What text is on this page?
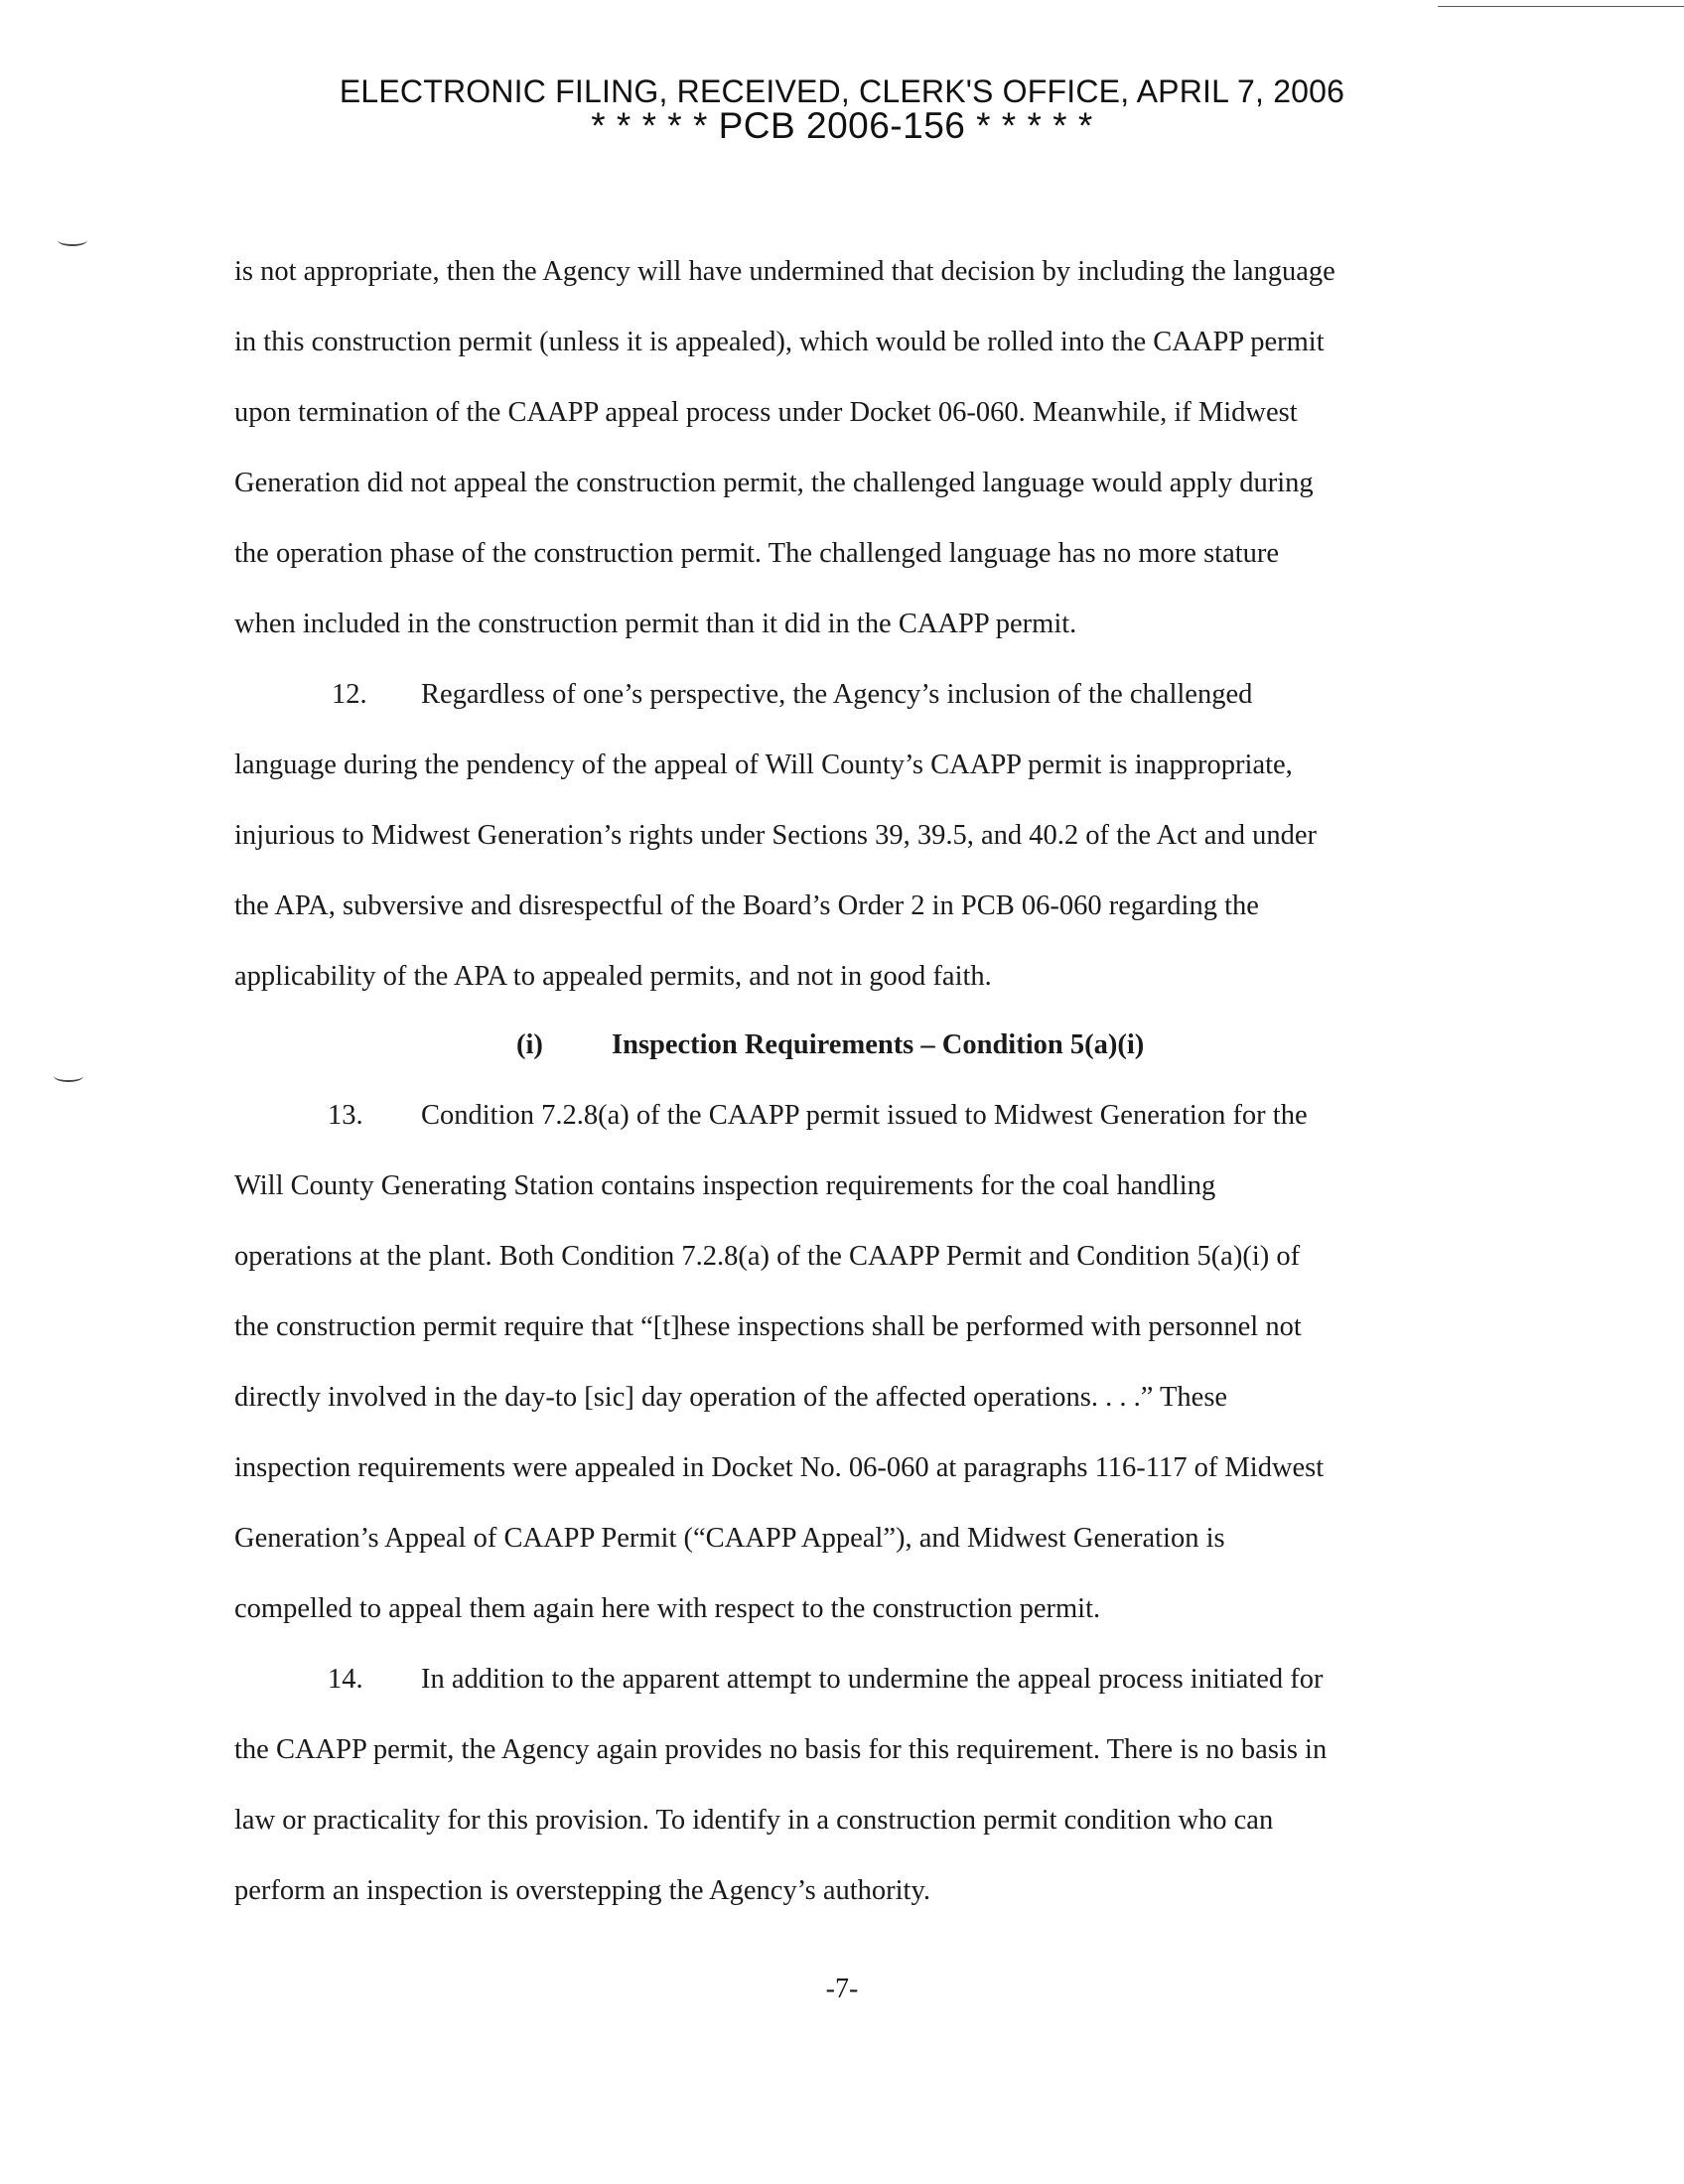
ELECTRONIC FILING, RECEIVED, CLERK'S OFFICE, APRIL 7, 2006
* * * * * PCB 2006-156 * * * * *
is not appropriate, then the Agency will have undermined that decision by including the language
in this construction permit (unless it is appealed), which would be rolled into the CAAPP permit
upon termination of the CAAPP appeal process under Docket 06-060. Meanwhile, if Midwest
Generation did not appeal the construction permit, the challenged language would apply during
the operation phase of the construction permit. The challenged language has no more stature
when included in the construction permit than it did in the CAAPP permit.
12. Regardless of one’s perspective, the Agency’s inclusion of the challenged
language during the pendency of the appeal of Will County’s CAAPP permit is inappropriate,
injurious to Midwest Generation’s rights under Sections 39, 39.5, and 40.2 of the Act and under
the APA, subversive and disrespectful of the Board’s Order 2 in PCB 06-060 regarding the
applicability of the APA to appealed permits, and not in good faith.
(i) Inspection Requirements – Condition 5(a)(i)
13. Condition 7.2.8(a) of the CAAPP permit issued to Midwest Generation for the
Will County Generating Station contains inspection requirements for the coal handling
operations at the plant. Both Condition 7.2.8(a) of the CAAPP Permit and Condition 5(a)(i) of
the construction permit require that “[t]hese inspections shall be performed with personnel not
directly involved in the day-to [sic] day operation of the affected operations. . . .” These
inspection requirements were appealed in Docket No. 06-060 at paragraphs 116-117 of Midwest
Generation’s Appeal of CAAPP Permit (“CAAPP Appeal”), and Midwest Generation is
compelled to appeal them again here with respect to the construction permit.
14. In addition to the apparent attempt to undermine the appeal process initiated for
the CAAPP permit, the Agency again provides no basis for this requirement. There is no basis in
law or practicality for this provision. To identify in a construction permit condition who can
perform an inspection is overstepping the Agency’s authority.
-7-
